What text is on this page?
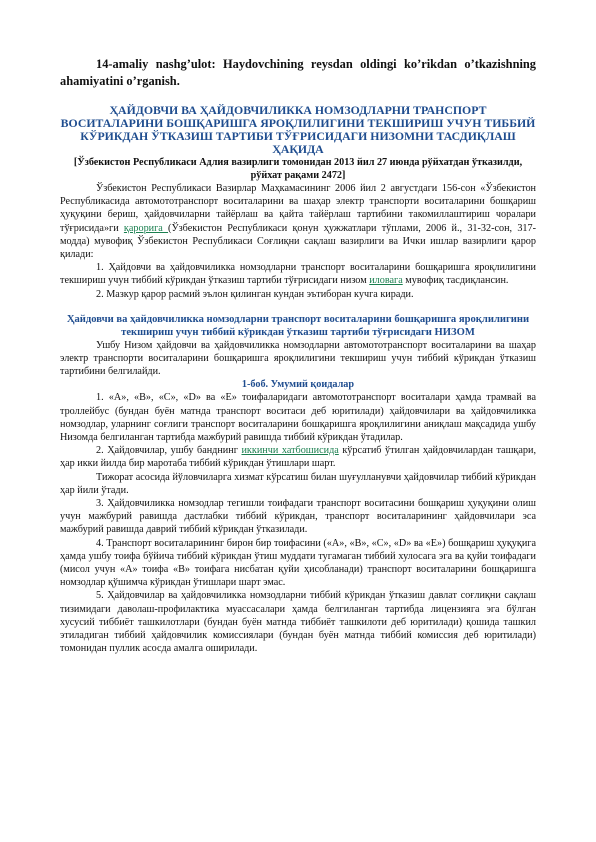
14-amaliy nashg’ulot: Haydovchining reysdan oldingi ko’rikdan o’tkazishning ahamiyatini o’rganish.

ҲАЙДОВЧИ ВА ҲАЙДОВЧИЛИККА НОМЗОДЛАРНИ ТРАНСПОРТ ВОСИТАЛАРИНИ БОШҚАРИШГА ЯРОҚЛИЛИГИНИ ТЕКШИРИШ УЧУН ТИББИЙ КЎРИКДАН ЎТКАЗИШ ТАРТИБИ ТЎҒРИСИДАГИ НИЗОМНИ ТАСДИҚЛАШ ҲАҚИДА

[Ўзбекистон Республикаси Адлия вазирлиги томонидан 2013 йил 27 июнда рўйхатдан ўтказилди, рўйхат рақами 2472]

Ўзбекистон Республикаси Вазирлар Маҳкамасининг 2006 йил 2 августдаги 156-сон «Ўзбекистон Республикасида автомототранспорт воситаларини ва шаҳар электр транспорти воситаларини бошқариш ҳуқуқини бериш, ҳайдовчиларни тайёрлаш ва қайта тайёрлаш тартибини такомиллаштириш чоралари тўғрисида»ги қарорига (Ўзбекистон Республикаси қонун ҳужжатлари тўплами, 2006 й., 31-32-сон, 317-модда) мувофиқ Ўзбекистон Республикаси Соғлиқни сақлаш вазирлиги ва Ички ишлар вазирлиги қарор қилади:

1. Ҳайдовчи ва ҳайдовчиликка номзодларни транспорт воситаларини бошқаришга яроқлилигини текшириш учун тиббий кўрикдан ўтказиш тартиби тўғрисидаги низом иловага мувофиқ тасдиқлансин.

2. Мазкур қарор расмий эълон қилинган кундан эътиборан кучга киради.

Ҳайдовчи ва ҳайдовчиликка номзодларни транспорт воситаларини бошқаришга яроқлилигини текшириш учун тиббий кўрикдан ўтказиш тартиби тўғрисидаги НИЗОМ

Ушбу Низом ҳайдовчи ва ҳайдовчиликка номзодларни автомототранспорт воситаларини ва шаҳар электр транспорти воситаларини бошқаришга яроқлилигини текшириш учун тиббий кўрикдан ўтказиш тартибини белгилайди.

1-боб. Умумий қоидалар

1. «А», «В», «С», «D» ва «Е» тоифаларидаги автомототранспорт воситалари ҳамда трамвай ва троллейбус (бундан буён матнда транспорт воситаси деб юритилади) ҳайдовчилари ва ҳайдовчиликка номзодлар, уларнинг соғлиги транспорт воситаларини бошқаришга яроқлилигини аниқлаш мақсадида ушбу Низомда белгиланган тартибда мажбурий равишда тиббий кўрикдан ўтадилар.

2. Ҳайдовчилар, ушбу банднинг иккинчи хатбошисида кўрсатиб ўтилган ҳайдовчилардан ташқари, ҳар икки йилда бир маротаба тиббий кўрикдан ўтишлари шарт.

Тижорат асосида йўловчиларга хизмат кўрсатиш билан шуғулланувчи ҳайдовчилар тиббий кўрикдан ҳар йили ўтади.

3. Ҳайдовчиликка номзодлар тегишли тоифадаги транспорт воситасини бошқариш ҳуқуқини олиш учун мажбурий равишда дастлабки тиббий кўрикдан, транспорт воситаларининг ҳайдовчилари эса мажбурий равишда даврий тиббий кўрикдан ўтказилади.

4. Транспорт воситаларининг бирон бир тоифасини («А», «В», «С», «D» ва «Е») бошқариш ҳуқуқига ҳамда ушбу тоифа бўйича тиббий кўрикдан ўтиш муддати тугамаган тиббий хулосага эга ва қуйи тоифадаги (мисол учун «А» тоифа «В» тоифага нисбатан қуйи ҳисобланади) транспорт воситаларини бошқаришга номзодлар қўшимча кўрикдан ўтишлари шарт эмас.

5. Ҳайдовчилар ва ҳайдовчиликка номзодларни тиббий кўрикдан ўтказиш давлат соғлиқни сақлаш тизимидаги даволаш-профилактика муассасалари ҳамда белгиланган тартибда лицензияга эга бўлган хусусий тиббиёт ташкилотлари (бундан буён матнда тиббиёт ташкилоти деб юритилади) қошида ташкил этиладиган тиббий ҳайдовчилик комиссиялари (бундан буён матнда тиббий комиссия деб юритилади) томонидан пуллик асосда амалга оширилади.
